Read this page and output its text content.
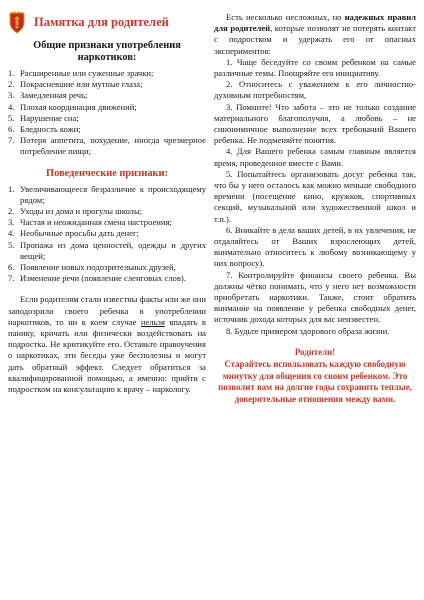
Памятка для родителей
Общие признаки употребления наркотиков:
1. Расширенные или суженные зрачки;
2. Покрасневшие или мутные глаза;
3. Замедленная речь;
4. Плохая координация движений;
5. Нарушение сна;
6. Бледность кожи;
7. Потеря аппетита, похудение, иногда чрезмерное потребление пищи;
Поведенческие признаки:
1. Увеличивающееся безразличие к происходящему рядом;
2. Уходы из дома и прогулы школы;
3. Частая и неожиданная смена настроения;
4. Необычные просьбы дать денег;
5. Пропажа из дома ценностей, одежды и других вещей;
6. Появление новых подозрительных друзей,
7. Изменение речи (появление сленговых слов).

Если родителям стали известны факты или же они заподозрили своего ребенка в употреблении наркотиков, то ни в коем случае нельзя впадать в панику, кричать или физически воздействовать на подростка. Не критикуйте его. Оставьте нравоучения о наркотиках, эти беседы уже бесполезны и могут дать обратный эффект. Следует обратиться за квалифицированной помощью, а именно: прийти с подростком на консультацию к врачу – наркологу.

Есть несколько несложных, но надежных правил для родителей, которые позволят не потерять контакт с подростком и удержать его от опасных экспериментов:

1. Чаще беседуйте со своим ребенком на самые различные темы. Поощряйте его инициативу.

2. Относитесь с уважением к его личностно-духовным потребностям,

3. Помните! Что забота – это не только создание материального благополучия, а любовь – не синонимичное выполнение всех требований Вашего ребенка. Не подменяйте понятия.

4. Для Вашего ребенка самым главным является время, проведенное вместе с Вами.

5. Попытайтесь организовать досуг ребенка так, что бы у него осталось как можно меньше свободного времени (посещение кино, кружков, спортивных секций, музыкальной или художественной школ и т.п.).

6. Вникайте в дела ваших детей, в их увлечения, не отдаляйтесь от Ваших взрослеющих детей, внимательно относитесь к любому возникающему у них вопросу).

7. Контролируйте финансы своего ребенка. Вы должны чётко понимать, что у него нет возможности приобретать наркотики. Также, стоит обратить внимание на появление у ребенка свободных денег, источник дохода которых для вас неизвестен.

8. Будьте примером здорового образа жизни.

Родители!
Старайтесь использовать каждую свободную минутку для общения со своим ребенком. Это позволит вам на долгие годы сохранить теплые, доверительные отношения между вами.
